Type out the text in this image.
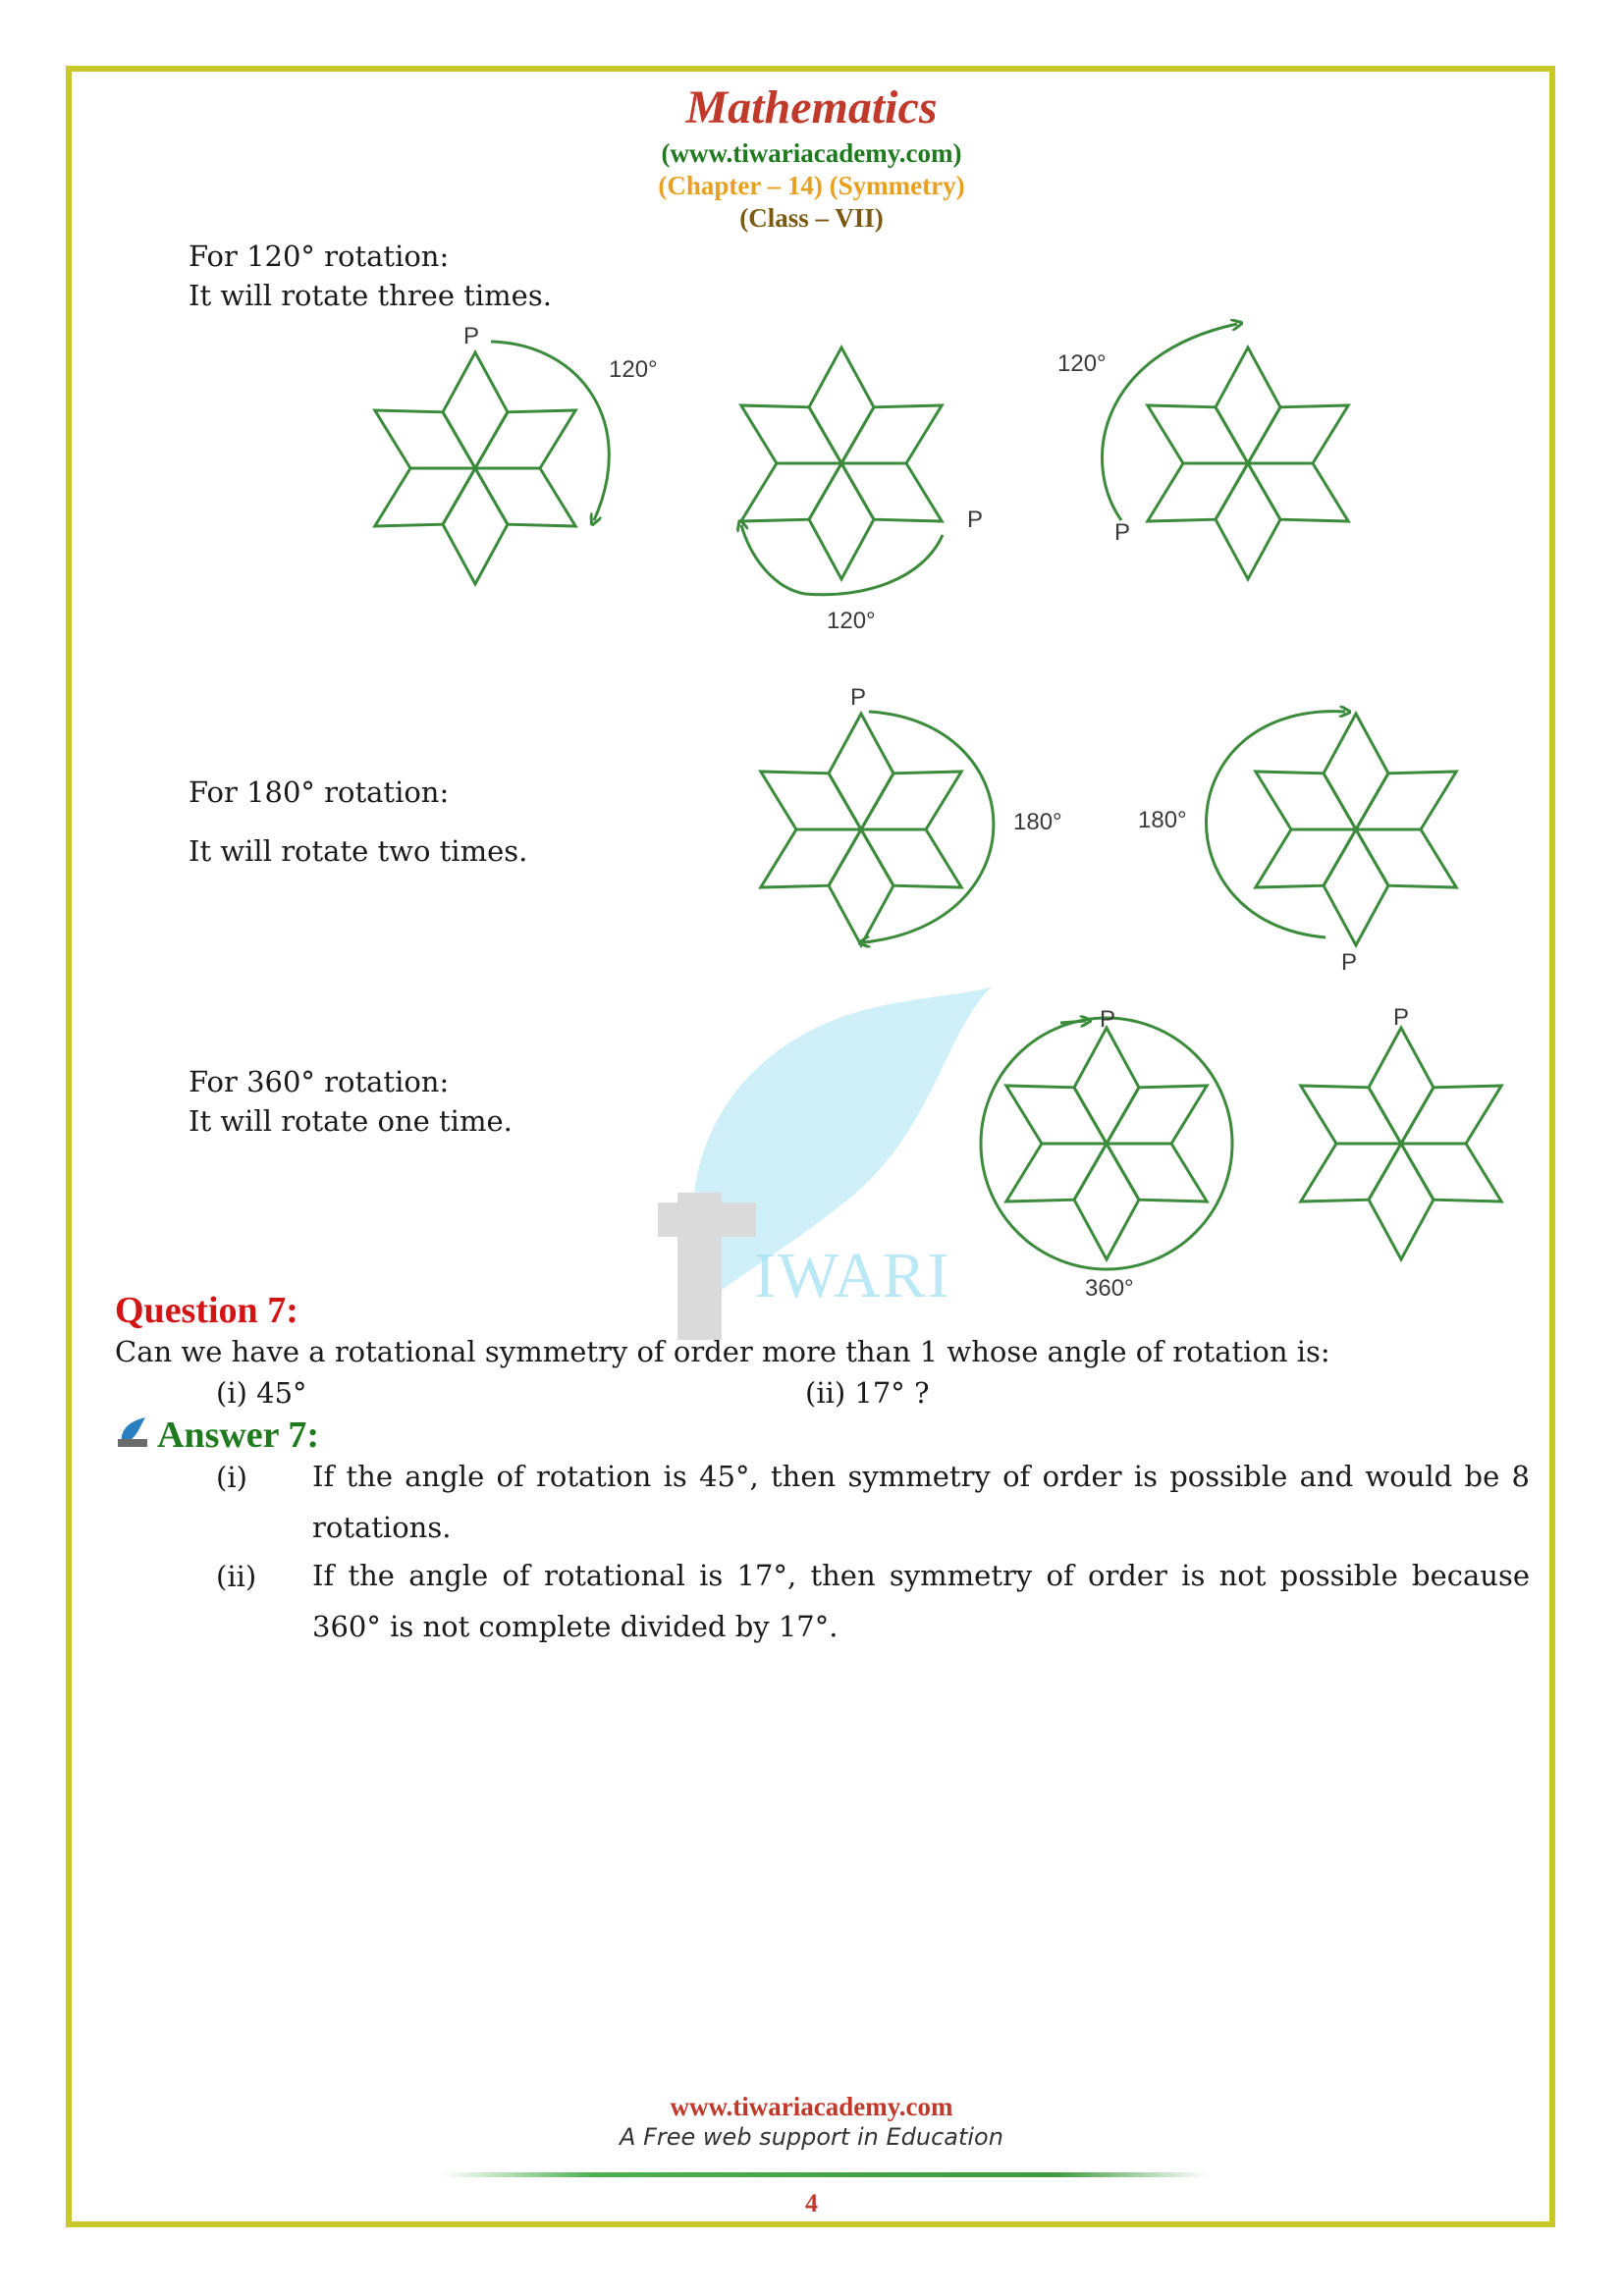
Mathematics
(www.tiwariacademy.com)
(Chapter – 14) (Symmetry)
(Class – VII)
IWARI
For 120° rotation:
It will rotate three times.
For 180° rotation:
It will rotate two times.
For 360° rotation:
It will rotate one time.
P
120°
P
120°
120°
P
P
180°	180°
P
P
360°
P
Question 7:
Can we have a rotational symmetry of order more than 1 whose angle of rotation is:
(i) 45°	(ii) 17° ?
Answer 7:
(i) If the angle of rotation is 45°, then symmetry of order is possible and would be 8 rotations.
(ii) If the angle of rotational is 17°, then symmetry of order is not possible because 360° is not complete divided by 17°.
www.tiwariacademy.com
A Free web support in Education
4
